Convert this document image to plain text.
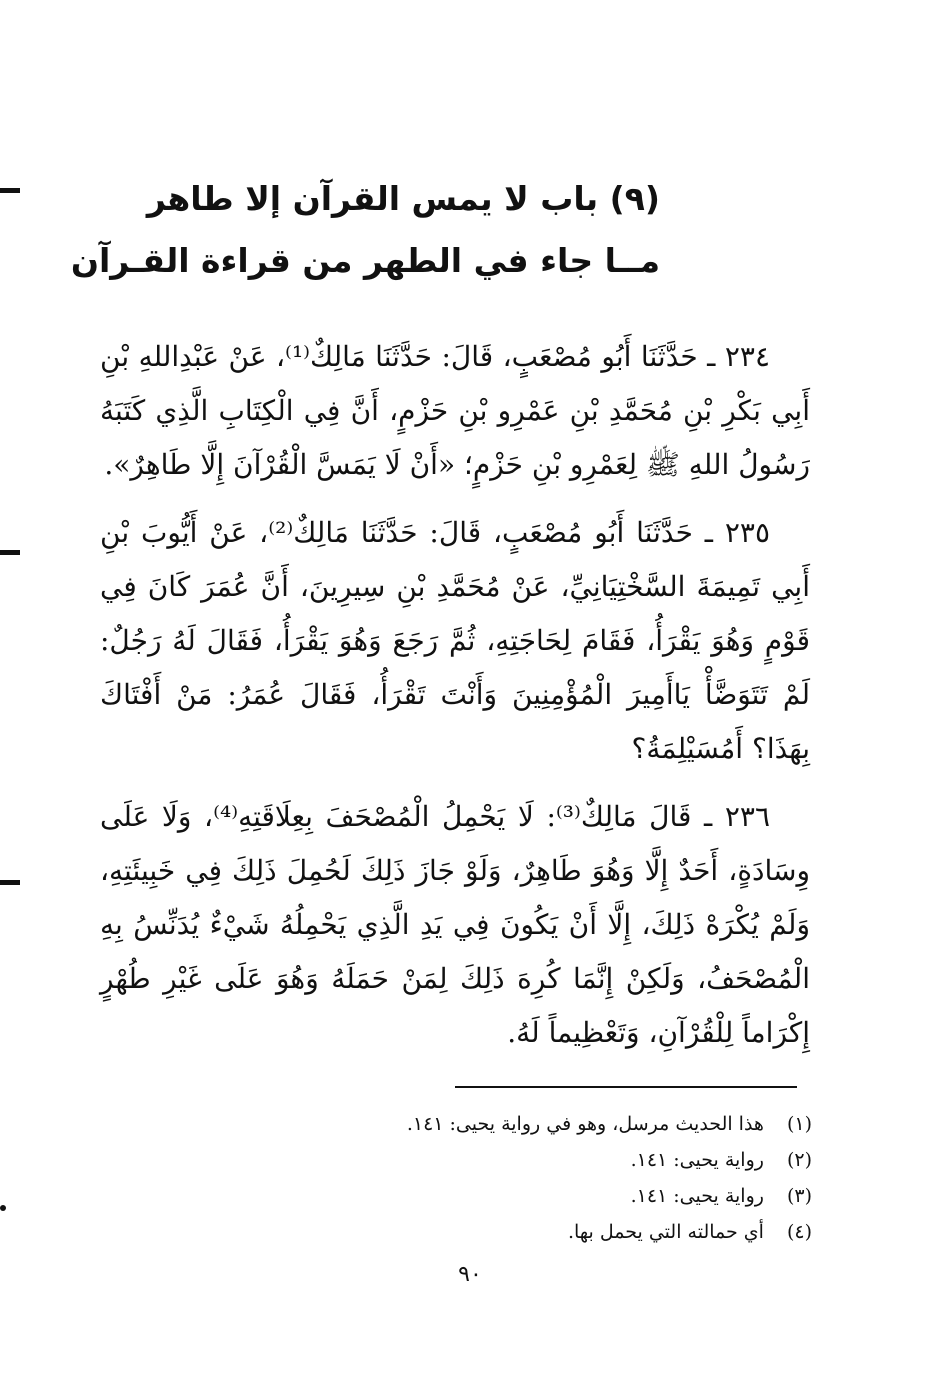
(٩) باب لا يمس القرآن إلا طاهر
مــا جاء في الطهر من قراءة القـرآن

٢٣٤ ـ حَدَّثَنَا أَبُو مُصْعَبٍ، قَالَ: حَدَّثَنَا مَالِكٌ⁽¹⁾، عَنْ عَبْدِاللهِ بْنِ أَبِي بَكْرِ بْنِ مُحَمَّدِ بْنِ عَمْرِو بْنِ حَزْمٍ، أَنَّ فِي الْكِتَابِ الَّذِي كَتَبَهُ رَسُولُ اللهِ ﷺ لِعَمْرِو بْنِ حَزْمٍ؛ «أَنْ لَا يَمَسَّ الْقُرْآنَ إِلَّا طَاهِرٌ».

٢٣٥ ـ حَدَّثَنَا أَبُو مُصْعَبٍ، قَالَ: حَدَّثَنَا مَالِكٌ⁽²⁾، عَنْ أَيُّوبَ بْنِ أَبِي تَمِيمَةَ السَّخْتِيَانِيِّ، عَنْ مُحَمَّدِ بْنِ سِيرِينَ، أَنَّ عُمَرَ كَانَ فِي قَوْمٍ وَهُوَ يَقْرَأُ، فَقَامَ لِحَاجَتِهِ، ثُمَّ رَجَعَ وَهُوَ يَقْرَأُ، فَقَالَ لَهُ رَجُلٌ: لَمْ تَتَوَضَّأْ يَاأَمِيرَ الْمُؤْمِنِينَ وَأَنْتَ تَقْرَأُ، فَقَالَ عُمَرُ: مَنْ أَفْتَاكَ بِهَذَا؟ أَمُسَيْلِمَةُ؟

٢٣٦ ـ قَالَ مَالِكٌ⁽³⁾: لَا يَحْمِلُ الْمُصْحَفَ بِعِلَاقَتِهِ⁽⁴⁾، وَلَا عَلَى وِسَادَةٍ، أَحَدٌ إِلَّا وَهُوَ طَاهِرٌ، وَلَوْ جَازَ ذَلِكَ لَحُمِلَ ذَلِكَ فِي خَبِيئَتِهِ، وَلَمْ يُكْرَهْ ذَلِكَ، إِلَّا أَنْ يَكُونَ فِي يَدِ الَّذِي يَحْمِلُهُ شَيْءٌ يُدَنِّسُ بِهِ الْمُصْحَفُ، وَلَكِنْ إِنَّمَا كُرِهَ ذَلِكَ لِمَنْ حَمَلَهُ وَهُوَ عَلَى غَيْرِ طُهْرٍ إِكْرَاماً لِلْقُرْآنِ، وَتَعْظِيماً لَهُ.

(١) هذا الحديث مرسل، وهو في رواية يحيى: ١٤١.
(٢) رواية يحيى: ١٤١.
(٣) رواية يحيى: ١٤١.
(٤) أي حمالته التي يحمل بها.
٩٠
